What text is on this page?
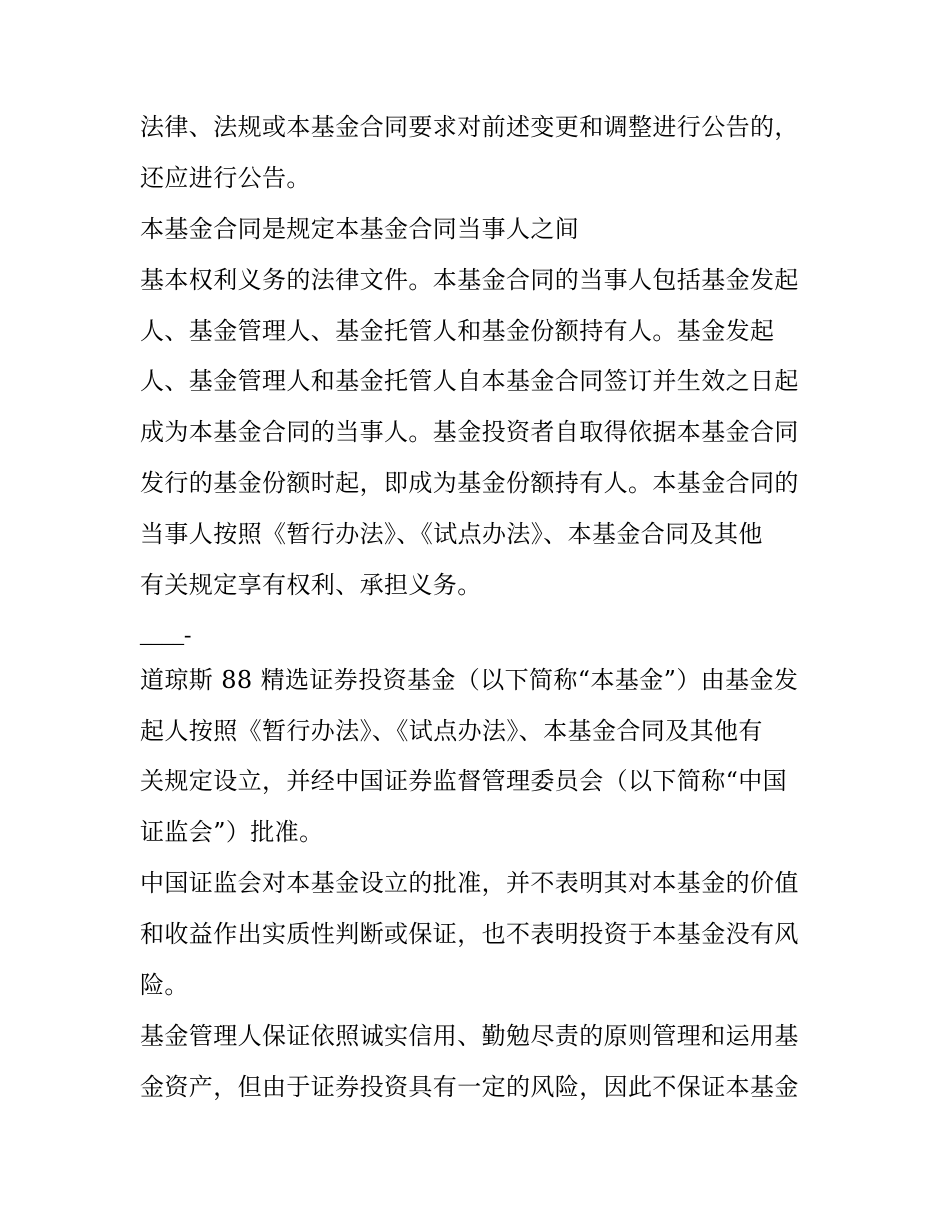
法律、法规或本基金合同要求对前述变更和调整进行公告的，
还应进行公告。
本基金合同是规定本基金合同当事人之间
基本权利义务的法律文件。本基金合同的当事人包括基金发起
人、基金管理人、基金托管人和基金份额持有人。基金发起
人、基金管理人和基金托管人自本基金合同签订并生效之日起
成为本基金合同的当事人。基金投资者自取得依据本基金合同
发行的基金份额时起，即成为基金份额持有人。本基金合同的
当事人按照《暂行办法》、《试点办法》、本基金合同及其他
有关规定享有权利、承担义务。
____-
道琼斯 88 精选证券投资基金（以下简称“本基金”）由基金发
起人按照《暂行办法》、《试点办法》、本基金合同及其他有
关规定设立，并经中国证券监督管理委员会（以下简称“中国
证监会”）批准。
中国证监会对本基金设立的批准，并不表明其对本基金的价值
和收益作出实质性判断或保证，也不表明投资于本基金没有风
险。
基金管理人保证依照诚实信用、勤勉尽责的原则管理和运用基
金资产，但由于证券投资具有一定的风险，因此不保证本基金
